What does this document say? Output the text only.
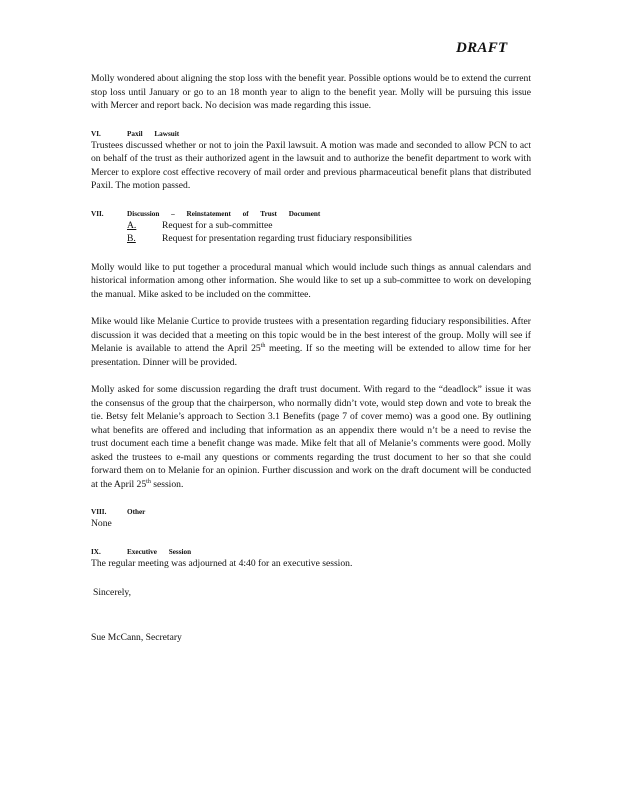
DRAFT

Molly wondered about aligning the stop loss with the benefit year. Possible options would be to extend the current stop loss until January or go to an 18 month year to align to the benefit year. Molly will be pursuing this issue with Mercer and report back. No decision was made regarding this issue.

VI.	Paxil Lawsuit

Trustees discussed whether or not to join the Paxil lawsuit. A motion was made and seconded to allow PCN to act on behalf of the trust as their authorized agent in the lawsuit and to authorize the benefit department to work with Mercer to explore cost effective recovery of mail order and previous pharmaceutical benefit plans that distributed Paxil. The motion passed.

VII.	Discussion – Reinstatement of Trust Document
A.	Request for a sub-committee
B.	Request for presentation regarding trust fiduciary responsibilities

Molly would like to put together a procedural manual which would include such things as annual calendars and historical information among other information. She would like to set up a sub-committee to work on developing the manual. Mike asked to be included on the committee.

Mike would like Melanie Curtice to provide trustees with a presentation regarding fiduciary responsibilities. After discussion it was decided that a meeting on this topic would be in the best interest of the group. Molly will see if Melanie is available to attend the April 25th meeting. If so the meeting will be extended to allow time for her presentation. Dinner will be provided.

Molly asked for some discussion regarding the draft trust document. With regard to the “deadlock” issue it was the consensus of the group that the chairperson, who normally didn’t vote, would step down and vote to break the tie. Betsy felt Melanie’s approach to Section 3.1 Benefits (page 7 of cover memo) was a good one. By outlining what benefits are offered and including that information as an appendix there would n’t be a need to revise the trust document each time a benefit change was made. Mike felt that all of Melanie’s comments were good. Molly asked the trustees to e-mail any questions or comments regarding the trust document to her so that she could forward them on to Melanie for an opinion. Further discussion and work on the draft document will be conducted at the April 25th session.

VIII.	Other

None

IX.	Executive Session

The regular meeting was adjourned at 4:40 for an executive session.

Sincerely,

Sue McCann, Secretary
